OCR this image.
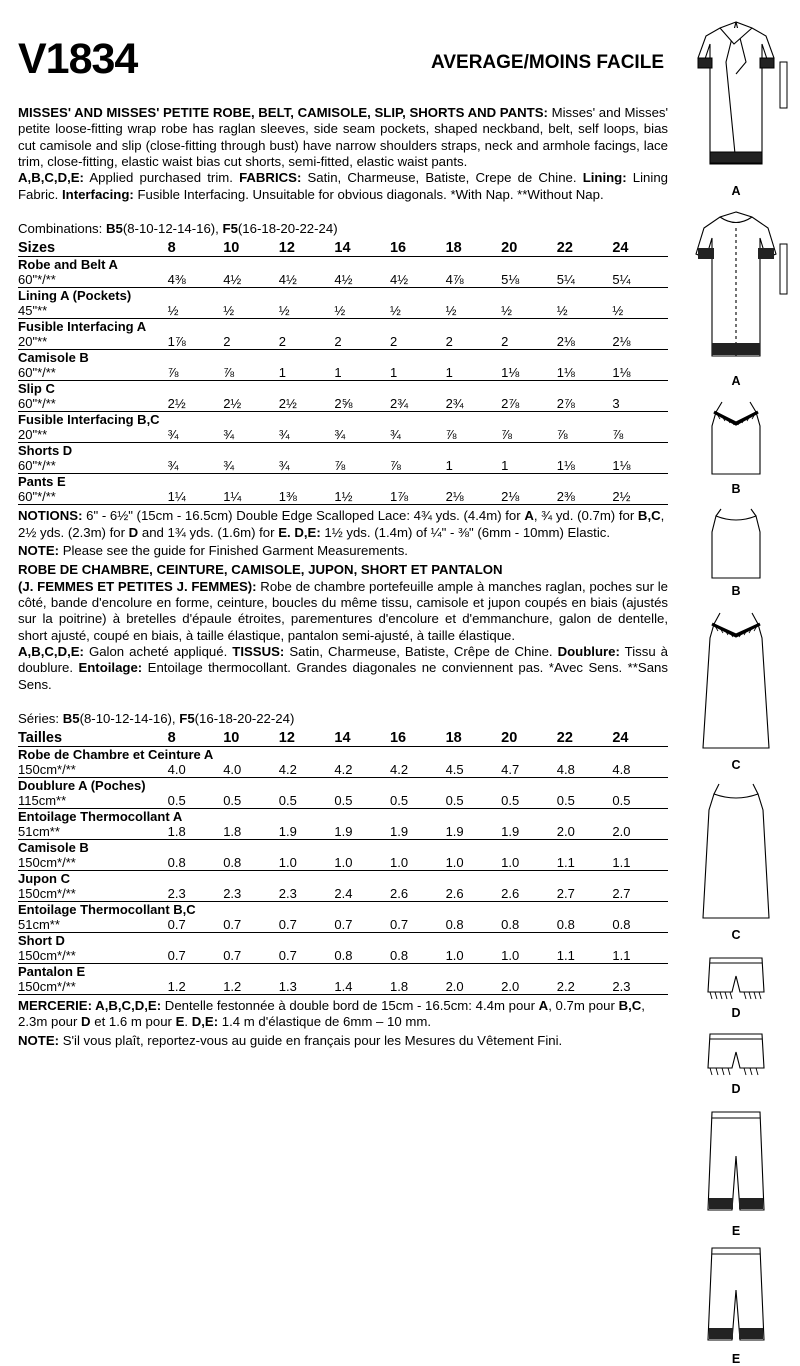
V1834	AVERAGE/MOINS FACILE
MISSES' AND MISSES' PETITE ROBE, BELT, CAMISOLE, SLIP, SHORTS AND PANTS: Misses' and Misses' petite loose-fitting wrap robe has raglan sleeves, side seam pockets, shaped neckband, belt, self loops, bias cut camisole and slip (close-fitting through bust) have narrow shoulders straps, neck and armhole facings, lace trim, close-fitting, elastic waist bias cut shorts, semi-fitted, elastic waist pants.
A,B,C,D,E: Applied purchased trim. FABRICS: Satin, Charmeuse, Batiste, Crepe de Chine. Lining: Lining Fabric. Interfacing: Fusible Interfacing. Unsuitable for obvious diagonals. *With Nap. **Without Nap.
Combinations: B5(8-10-12-14-16), F5(16-18-20-22-24)
Sizes	8	10	12	14	16	18	20	22	24
Robe and Belt A									
60"*/**	4⅜	4½	4½	4½	4½	4⅞	5⅛	5¼	5¼
Lining A (Pockets)									
45"**	½	½	½	½	½	½	½	½	½
Fusible Interfacing A									
20"**	1⅞	2	2	2	2	2	2	2⅛	2⅛
Camisole B									
60"*/**	⅞	⅞	1	1	1	1	1⅛	1⅛	1⅛
Slip C									
60"*/**	2½	2½	2½	2⅝	2¾	2¾	2⅞	2⅞	3
Fusible Interfacing B,C									
20"**	¾	¾	¾	¾	¾	⅞	⅞	⅞	⅞
Shorts D									
60"*/**	¾	¾	¾	⅞	⅞	1	1	1⅛	1⅛
Pants E									
60"*/**	1¼	1¼	1⅜	1½	1⅞	2⅛	2⅛	2⅜	2½
NOTIONS: 6" - 6½" (15cm - 16.5cm) Double Edge Scalloped Lace: 4¾ yds. (4.4m) for A, ¾ yd. (0.7m) for B,C, 2½ yds. (2.3m) for D and 1¾ yds. (1.6m) for E. D,E: 1½ yds. (1.4m) of ¼" - ⅜" (6mm - 10mm) Elastic.
NOTE: Please see the guide for Finished Garment Measurements.
ROBE DE CHAMBRE, CEINTURE, CAMISOLE, JUPON, SHORT ET PANTALON
(J. FEMMES ET PETITES J. FEMMES): Robe de chambre portefeuille ample à manches raglan, poches sur le côté, bande d'encolure en forme, ceinture, boucles du même tissu, camisole et jupon coupés en biais (ajustés sur la poitrine) à bretelles d'épaule étroites, parementures d'encolure et d'emmanchure, galon de dentelle, short ajusté, coupé en biais, à taille élastique, pantalon semi-ajusté, à taille élastique.
A,B,C,D,E: Galon acheté appliqué. TISSUS: Satin, Charmeuse, Batiste, Crêpe de Chine. Doublure: Tissu à doublure. Entoilage: Entoilage thermocollant. Grandes diagonales ne conviennent pas. *Avec Sens. **Sans Sens.
Séries: B5(8-10-12-14-16), F5(16-18-20-22-24)
Tailles	8	10	12	14	16	18	20	22	24
Robe de Chambre et Ceinture A									
150cm*/**	4.0	4.0	4.2	4.2	4.2	4.5	4.7	4.8	4.8
Doublure A (Poches)									
115cm**	0.5	0.5	0.5	0.5	0.5	0.5	0.5	0.5	0.5
Entoilage Thermocollant A									
51cm**	1.8	1.8	1.9	1.9	1.9	1.9	1.9	2.0	2.0
Camisole B									
150cm*/**	0.8	0.8	1.0	1.0	1.0	1.0	1.0	1.1	1.1
Jupon C									
150cm*/**	2.3	2.3	2.3	2.4	2.6	2.6	2.6	2.7	2.7
Entoilage Thermocollant B,C									
51cm**	0.7	0.7	0.7	0.7	0.7	0.8	0.8	0.8	0.8
Short D									
150cm*/**	0.7	0.7	0.7	0.8	0.8	1.0	1.0	1.1	1.1
Pantalon E									
150cm*/**	1.2	1.2	1.3	1.4	1.8	2.0	2.0	2.2	2.3
MERCERIE: A,B,C,D,E: Dentelle festonnée à double bord de 15cm - 16.5cm: 4.4m pour A, 0.7m pour B,C, 2.3m pour D et 1.6 m pour E. D,E: 1.4 m d'élastique de 6mm – 10 mm.
NOTE: S'il vous plaît, reportez-vous au guide en français pour les Mesures du Vêtement Fini.
A
A
B
B
C
C
D
D
E
E
